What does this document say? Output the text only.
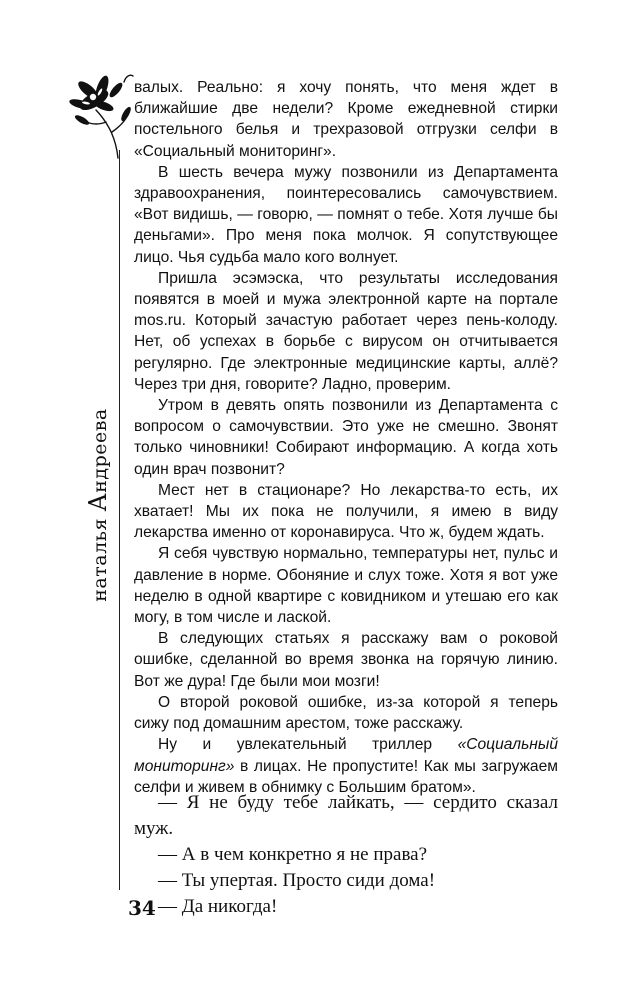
наталья Андреева

валых. Реально: я хочу понять, что меня ждет в ближайшие две недели? Кроме ежедневной стирки постельного белья и трехразовой отгрузки селфи в «Социальный мониторинг».

В шесть вечера мужу позвонили из Департамента здравоохранения, поинтересовались самочувствием. «Вот видишь, — говорю, — помнят о тебе. Хотя лучше бы деньгами». Про меня пока молчок. Я сопутствующее лицо. Чья судьба мало кого волнует.

Пришла эсэмэска, что результаты исследования появятся в моей и мужа электронной карте на портале mos.ru. Который зачастую работает через пень-колоду. Нет, об успехах в борьбе с вирусом он отчитывается регулярно. Где электронные медицинские карты, аллё? Через три дня, говорите? Ладно, проверим.

Утром в девять опять позвонили из Департамента с вопросом о самочувствии. Это уже не смешно. Звонят только чиновники! Собирают информацию. А когда хоть один врач позвонит?

Мест нет в стационаре? Но лекарства-то есть, их хватает! Мы их пока не получили, я имею в виду лекарства именно от коронавируса. Что ж, будем ждать.

Я себя чувствую нормально, температуры нет, пульс и давление в норме. Обоняние и слух тоже. Хотя я вот уже неделю в одной квартире с ковидником и утешаю его как могу, в том числе и лаской.

В следующих статьях я расскажу вам о роковой ошибке, сделанной во время звонка на горячую линию. Вот же дура! Где были мои мозги!

О второй роковой ошибке, из-за которой я теперь сижу под домашним арестом, тоже расскажу.

Ну и увлекательный триллер «Социальный мониторинг» в лицах. Не пропустите! Как мы загружаем селфи и живем в обнимку с Большим братом».

— Я не буду тебе лайкать, — сердито сказал муж.

— А в чем конкретно я не права?

— Ты упертая. Просто сиди дома!

— Да никогда!

34
